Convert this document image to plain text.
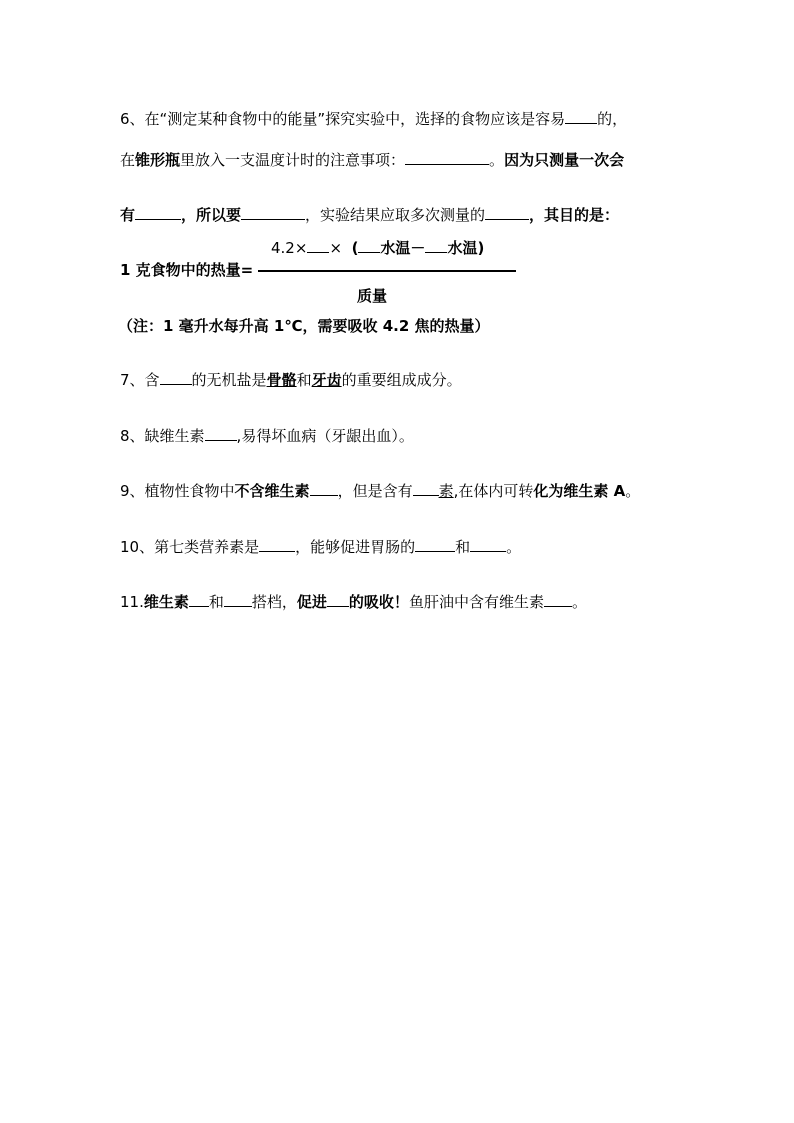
6、在“测定某种食物中的能量”探究实验中，选择的食物应该是容易 的，
在锥形瓶里放入一支温度计时的注意事项：	。因为只测量一次会
有	，所以要	，实验结果应取多次测量的	，其目的是：
4.2× × ( 水温－ 水温)
1 克食物中的热量=
质量
（注：1 毫升水每升高 1℃，需要吸收 4.2 焦的热量）
7、含 的无机盐是骨骼和牙齿的重要组成成分。
8、缺维生素 ,易得坏血病（牙龈出血）。
9、植物性食物中不含维生素 ，但是含有 素,在体内可转化为维生素 A。
10、第七类营养素是 ，能够促进胃肠的	和 。
11.维生素 和 搭档，促进 的吸收！鱼肝油中含有维生素 。
